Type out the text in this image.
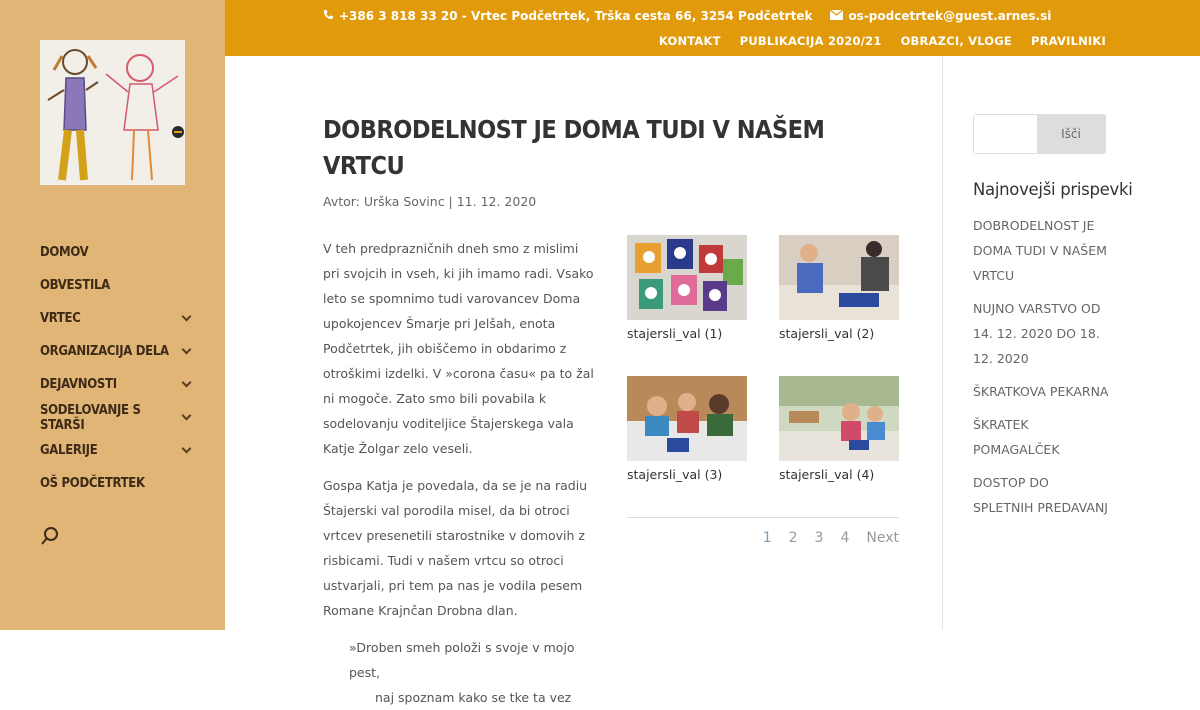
DOMOV
OBVESTILA
VRTEC
ORGANIZACIJA DELA
DEJAVNOSTI
SODELOVANJE S STARŠI
GALERIJE
OŠ PODČETRTEK
+386 3 818 33 20 - Vrtec Podčetrtek, Trška cesta 66, 3254 Podčetrtek	os-podcetrtek@guest.arnes.si
KONTAKT PUBLIKACIJA 2020/21 OBRAZCI, VLOGE PRAVILNIKI
DOBRODELNOST JE DOMA TUDI V NAŠEM VRTCU
Avtor: Urška Sovinc | 11. 12. 2020

V teh predprazničnih dneh smo z mislimi pri svojcih in vseh, ki jih imamo radi. Vsako leto se spomnimo tudi varovancev Doma upokojencev Šmarje pri Jelšah, enota Podčetrtek, jih obiščemo in obdarimo z otroškimi izdelki. V »corona času« pa to žal ni mogoče. Zato smo bili povabila k sodelovanju voditeljice Štajerskega vala Katje Žolgar zelo veseli.

Gospa Katja je povedala, da se je na radiu Štajerski val porodila misel, da bi otroci vrtcev presenetili starostnike v domovih z risbicami. Tudi v našem vrtcu so otroci ustvarjali, pri tem pa nas je vodila pesem Romane Krajnčan Drobna dlan.

»Droben smeh položi s svoje v mojo pest,
naj spoznam kako se tke ta vez
stajersli_val (1)	stajersli_val (2)
stajersli_val (3)	stajersli_val (4)
1 2 3 4 Next
Išči
Najnovejši prispevki
DOBRODELNOST JE DOMA TUDI V NAŠEM VRTCU
NUJNO VARSTVO OD 14. 12. 2020 DO 18. 12. 2020
ŠKRATKOVA PEKARNA
ŠKRATEK POMAGALČEK
DOSTOP DO SPLETNIH PREDAVANJ
